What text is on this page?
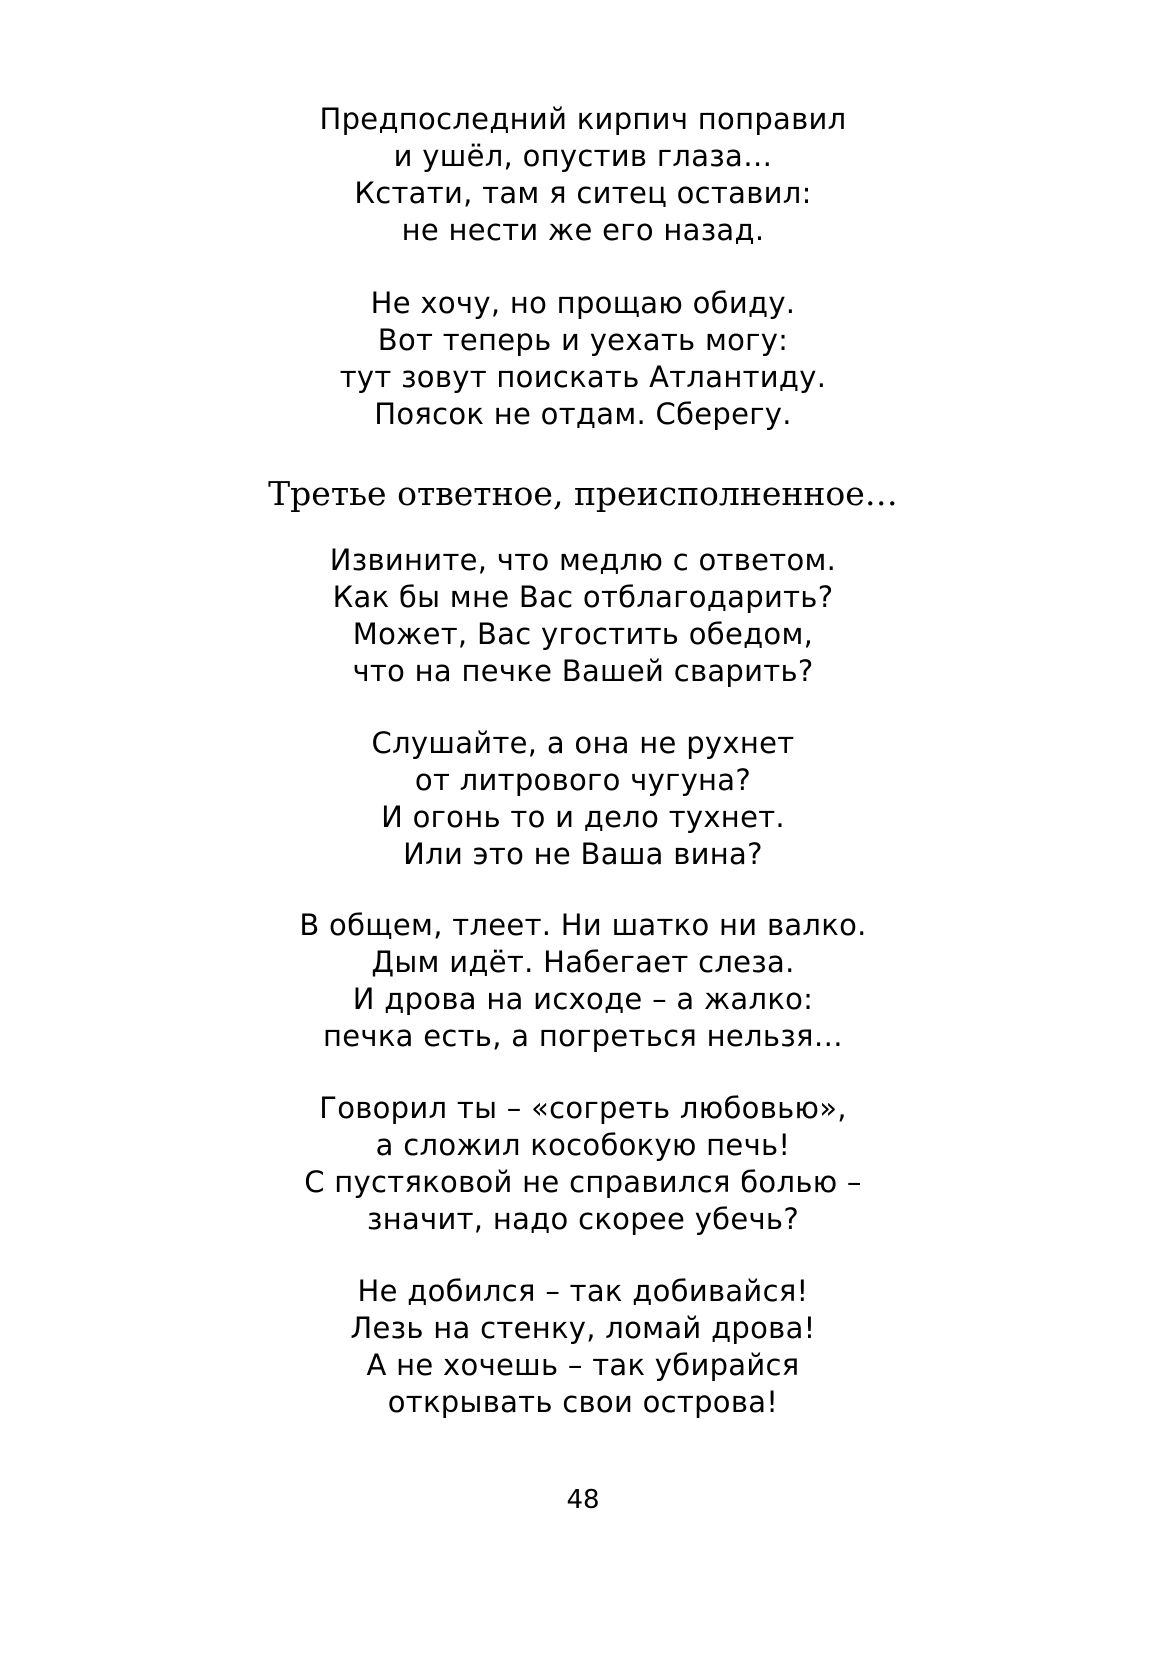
Предпоследний кирпич поправил
и ушёл, опустив глаза…
Кстати, там я ситец оставил:
не нести же его назад.
Не хочу, но прощаю обиду.
Вот теперь и уехать могу:
тут зовут поискать Атлантиду.
Поясок не отдам. Сберегу.
Третье ответное, преисполненное…
Извините, что медлю с ответом.
Как бы мне Вас отблагодарить?
Может, Вас угостить обедом,
что на печке Вашей сварить?
Слушайте, а она не рухнет
от литрового чугуна?
И огонь то и дело тухнет.
Или это не Ваша вина?
В общем, тлеет. Ни шатко ни валко.
Дым идёт. Набегает слеза.
И дрова на исходе – а жалко:
печка есть, а погреться нельзя…
Говорил ты – «согреть любовью»,
а сложил кособокую печь!
С пустяковой не справился болью –
значит, надо скорее убечь?
Не добился – так добивайся!
Лезь на стенку, ломай дрова!
А не хочешь – так убирайся
открывать свои острова!
48
